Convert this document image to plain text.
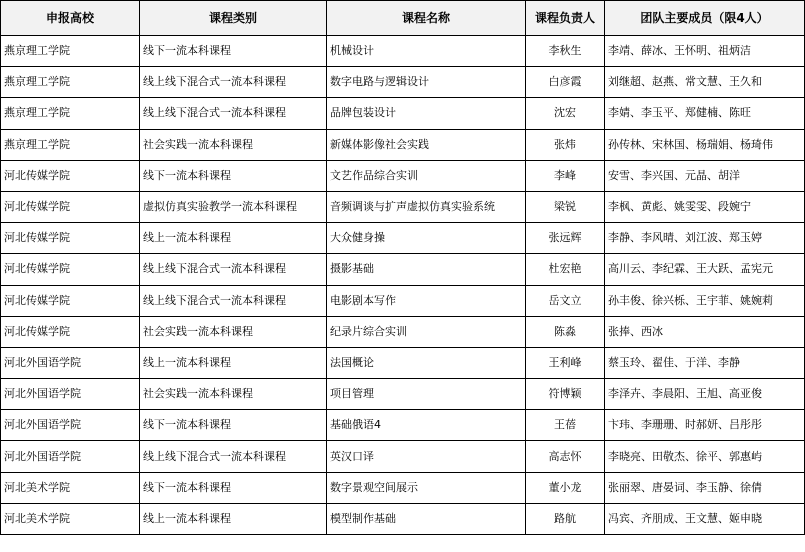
申报高校	课程类别	课程名称	课程负责人	团队主要成员（限4人）
燕京理工学院	线下一流本科课程	机械设计	李秋生	李靖、薛冰、王怀明、祖炳洁
燕京理工学院	线上线下混合式一流本科课程	数字电路与逻辑设计	白彦霞	刘继超、赵燕、常文慧、王久和
燕京理工学院	线上线下混合式一流本科课程	品牌包装设计	沈宏	李婧、李玉平、郑健楠、陈旺
燕京理工学院	社会实践一流本科课程	新媒体影像社会实践	张炜	孙传林、宋林国、杨瑞娟、杨琦伟
河北传媒学院	线下一流本科课程	文艺作品综合实训	李峰	安雪、李兴国、元晶、胡洋
河北传媒学院	虚拟仿真实验教学一流本科课程	音频调谈与扩声虚拟仿真实验系统	梁锐	李枫、黄彪、姚雯雯、段婉宁
河北传媒学院	线上一流本科课程	大众健身操	张远辉	李静、李风晴、刘江波、郑玉婷
河北传媒学院	线上线下混合式一流本科课程	摄影基础	杜宏艳	高川云、李纪霖、王大跃、孟宪元
河北传媒学院	线上线下混合式一流本科课程	电影剧本写作	岳文立	孙丰俊、徐兴栎、王宇菲、姚婉莉
河北传媒学院	社会实践一流本科课程	纪录片综合实训	陈淼	张捧、西冰
河北外国语学院	线上一流本科课程	法国概论	王利峰	蔡玉玲、翟佳、于洋、李静
河北外国语学院	社会实践一流本科课程	项目管理	符博颖	李泽卉、李晨阳、王旭、高亚俊
河北外国语学院	线下一流本科课程	基础俄语4	王蓓	卞玮、李珊珊、时郝妍、吕彤彤
河北外国语学院	线上线下混合式一流本科课程	英汉口译	高志怀	李晓亮、田敬杰、徐平、郭惠屿
河北美术学院	线下一流本科课程	数字景观空间展示	董小龙	张丽翠、唐晏词、李玉静、徐倩
河北美术学院	线上一流本科课程	模型制作基础	路航	冯宾、齐朋成、王文慧、姬申晓
